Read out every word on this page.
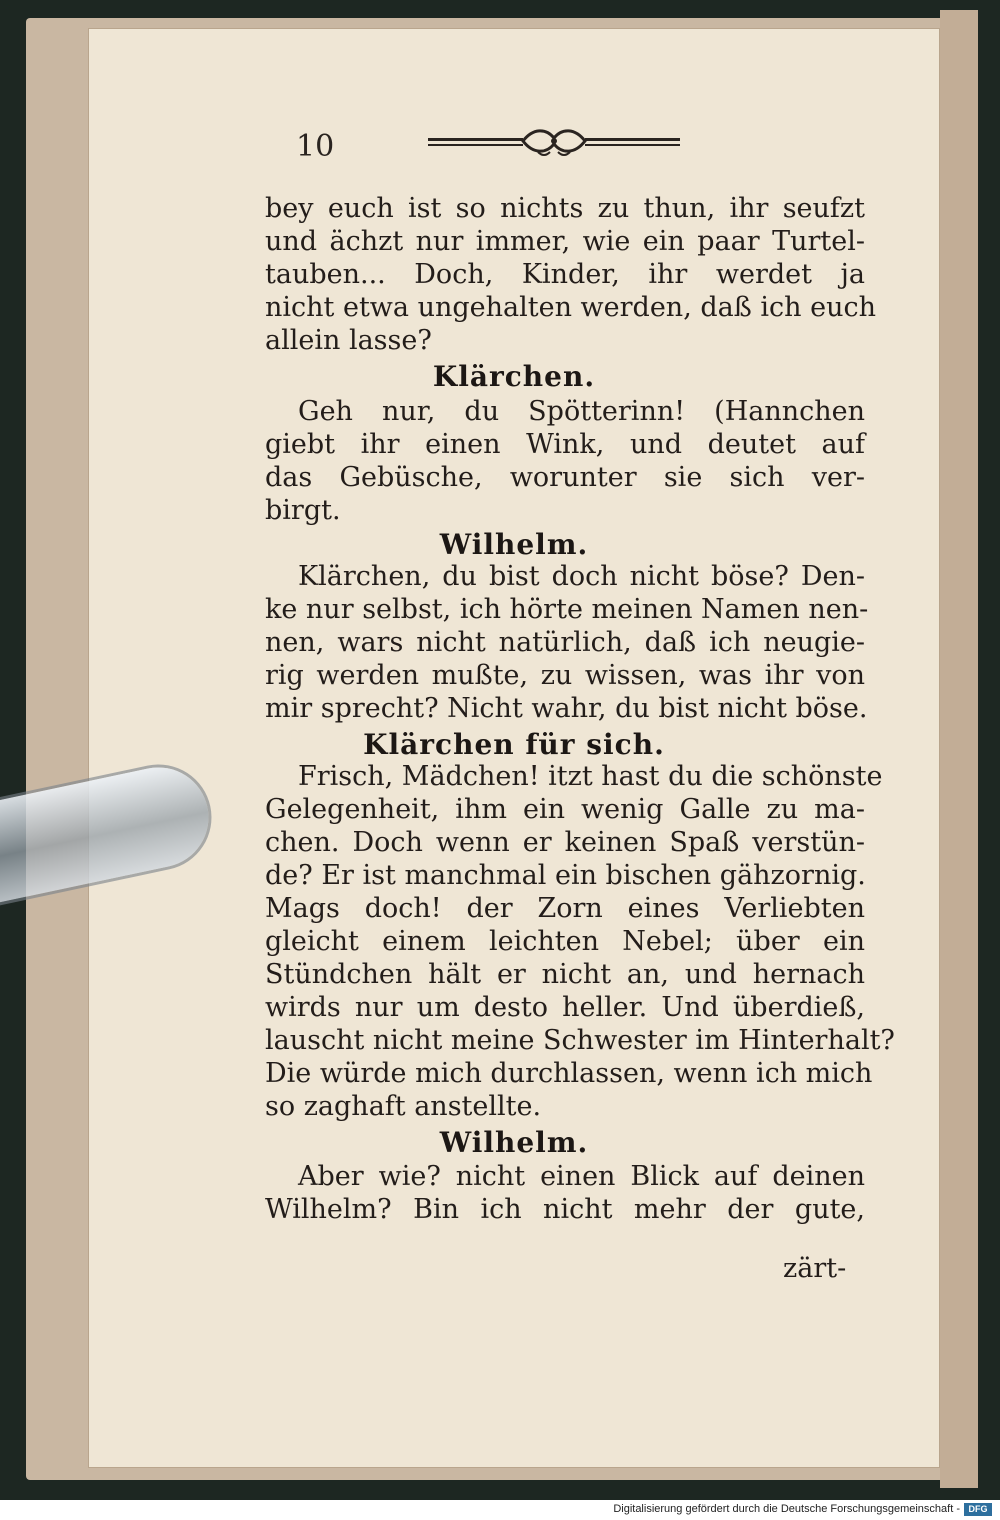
10
bey euch ist so nichts zu thun, ihr seufzt
und ächzt nur immer, wie ein paar Turtel-
tauben... Doch, Kinder, ihr werdet ja
nicht etwa ungehalten werden, daß ich euch
allein lasse?
Klärchen.
Geh nur, du Spötterinn! (Hannchen
giebt ihr einen Wink, und deutet auf
das Gebüsche, worunter sie sich ver-
birgt.
Wilhelm.
Klärchen, du bist doch nicht böse? Den-
ke nur selbst, ich hörte meinen Namen nen-
nen, wars nicht natürlich, daß ich neugie-
rig werden mußte, zu wissen, was ihr von
mir sprecht? Nicht wahr, du bist nicht böse.
Klärchen für sich.
Frisch, Mädchen! itzt hast du die schönste
Gelegenheit, ihm ein wenig Galle zu ma-
chen. Doch wenn er keinen Spaß verstün-
de? Er ist manchmal ein bischen gähzornig.
Mags doch! der Zorn eines Verliebten
gleicht einem leichten Nebel; über ein
Stündchen hält er nicht an, und hernach
wirds nur um desto heller. Und überdieß,
lauscht nicht meine Schwester im Hinterhalt?
Die würde mich durchlassen, wenn ich mich
so zaghaft anstellte.
Wilhelm.
Aber wie? nicht einen Blick auf deinen
Wilhelm? Bin ich nicht mehr der gute,
zärt-
Digitalisierung gefördert durch die Deutsche Forschungsgemeinschaft - DFG
